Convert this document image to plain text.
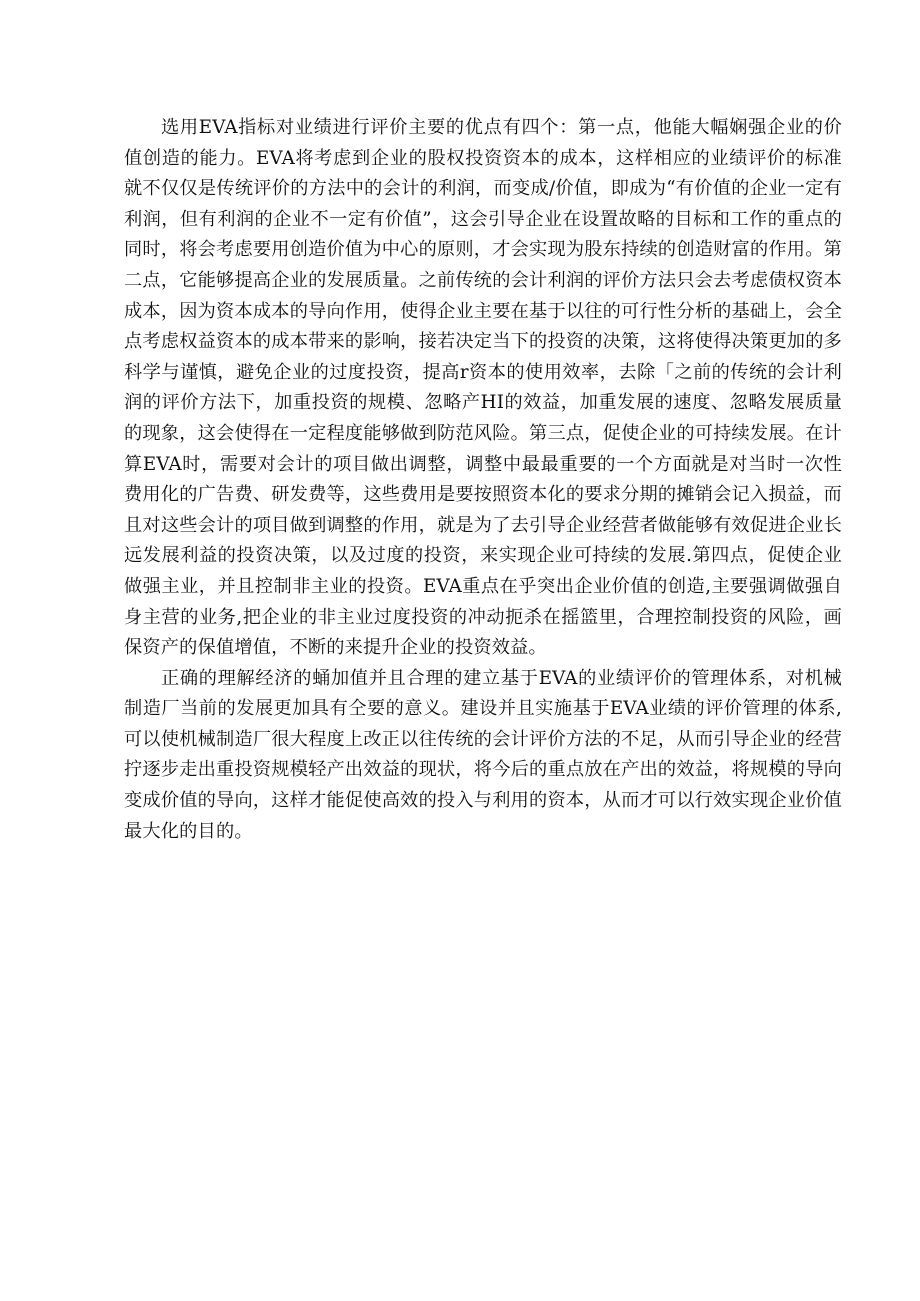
选用EVA指标对业绩进行评价主要的优点有四个：第一点，他能大幅娴强企业的价值创造的能力。EVA将考虑到企业的股权投资资本的成本，这样相应的业绩评价的标准就不仅仅是传统评价的方法中的会计的利润，而变成/价值，即成为“有价值的企业一定有利润，但有利润的企业不一定有价值”，这会引导企业在设置故略的目标和工作的重点的同时，将会考虑要用创造价值为中心的原则，才会实现为股东持续的创造财富的作用。第二点，它能够提高企业的发展质量。之前传统的会计利润的评价方法只会去考虑债权资本成本，因为资本成本的导向作用，使得企业主要在基于以往的可行性分析的基础上，会全点考虑权益资本的成本带来的影响，接若决定当下的投资的决策，这将使得决策更加的多科学与谨慎，避免企业的过度投资，提高r资本的使用效率，去除「之前的传统的会计利润的评价方法下，加重投资的规模、忽略产HI的效益，加重发展的速度、忽略发展质量的现象，这会使得在一定程度能够做到防范风险。第三点，促使企业的可持续发展。在计算EVA时，需要对会计的项目做出调整，调整中最最重要的一个方面就是对当时一次性费用化的广告费、研发费等，这些费用是要按照资本化的要求分期的摊销会记入损益，而且对这些会计的项目做到调整的作用，就是为了去引导企业经营者做能够有效促进企业长远发展利益的投资决策，以及过度的投资，来实现企业可持续的发展.第四点，促使企业做强主业，并且控制非主业的投资。EVA重点在乎突出企业价值的创造,主要强调做强自身主营的业务,把企业的非主业过度投资的冲动扼杀在摇篮里，合理控制投资的风险，画保资产的保值增值，不断的来提升企业的投资效益。

正确的理解经济的蛹加值并且合理的建立基于EVA的业绩评价的管理体系，对机械制造厂当前的发展更加具有仝要的意义。建设并且实施基于EVA业绩的评价管理的体系,可以使机械制造厂很大程度上改正以往传统的会计评价方法的不足，从而引导企业的经营拧逐步走出重投资规模轻产出效益的现状，将今后的重点放在产出的效益，将规模的导向变成价值的导向，这样才能促使高效的投入与利用的资本，从而才可以行效实现企业价值最大化的目的。
